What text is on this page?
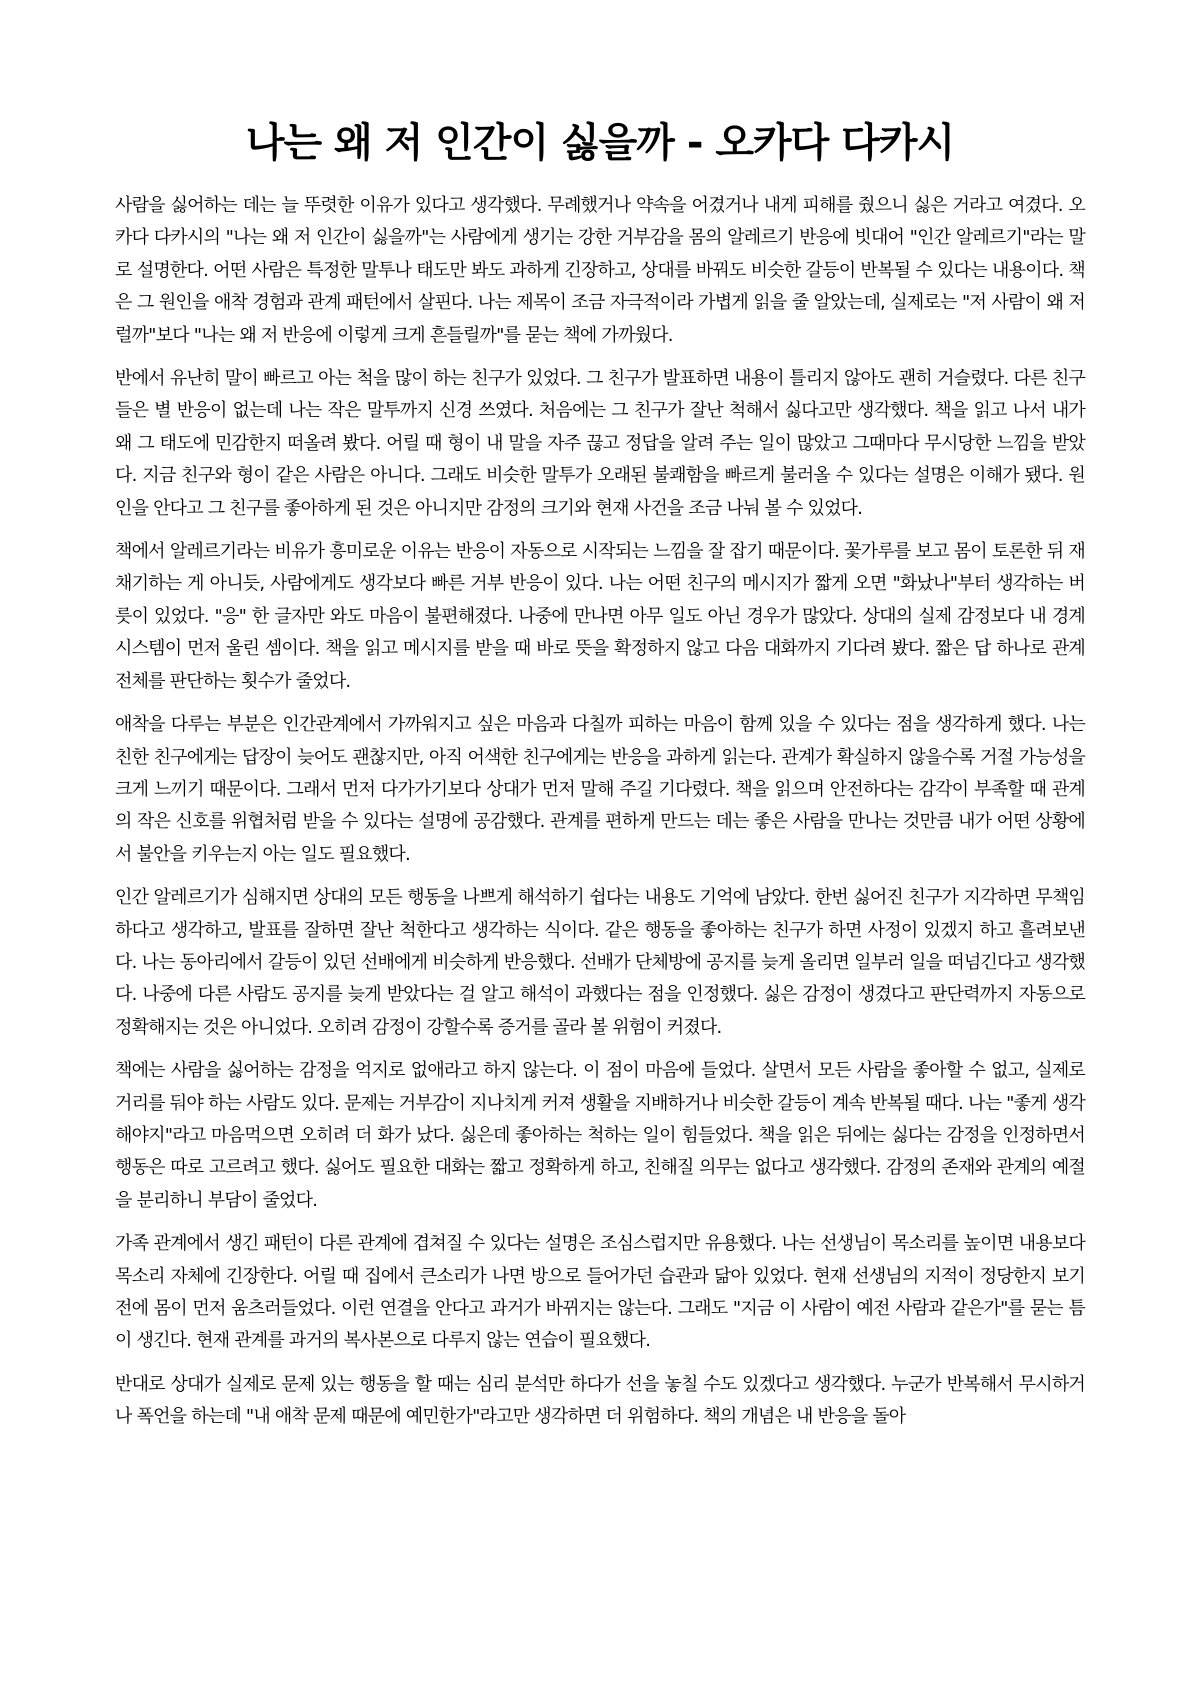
나는 왜 저 인간이 싫을까 - 오카다 다카시

사람을 싫어하는 데는 늘 뚜렷한 이유가 있다고 생각했다. 무례했거나 약속을 어겼거나 내게 피해를 줬으니 싫은 거라고 여겼다. 오카다 다카시의 "나는 왜 저 인간이 싫을까"는 사람에게 생기는 강한 거부감을 몸의 알레르기 반응에 빗대어 "인간 알레르기"라는 말로 설명한다. 어떤 사람은 특정한 말투나 태도만 봐도 과하게 긴장하고, 상대를 바꿔도 비슷한 갈등이 반복될 수 있다는 내용이다. 책은 그 원인을 애착 경험과 관계 패턴에서 살핀다. 나는 제목이 조금 자극적이라 가볍게 읽을 줄 알았는데, 실제로는 "저 사람이 왜 저럴까"보다 "나는 왜 저 반응에 이렇게 크게 흔들릴까"를 묻는 책에 가까웠다.

반에서 유난히 말이 빠르고 아는 척을 많이 하는 친구가 있었다. 그 친구가 발표하면 내용이 틀리지 않아도 괜히 거슬렸다. 다른 친구들은 별 반응이 없는데 나는 작은 말투까지 신경 쓰였다. 처음에는 그 친구가 잘난 척해서 싫다고만 생각했다. 책을 읽고 나서 내가 왜 그 태도에 민감한지 떠올려 봤다. 어릴 때 형이 내 말을 자주 끊고 정답을 알려 주는 일이 많았고 그때마다 무시당한 느낌을 받았다. 지금 친구와 형이 같은 사람은 아니다. 그래도 비슷한 말투가 오래된 불쾌함을 빠르게 불러올 수 있다는 설명은 이해가 됐다. 원인을 안다고 그 친구를 좋아하게 된 것은 아니지만 감정의 크기와 현재 사건을 조금 나눠 볼 수 있었다.

책에서 알레르기라는 비유가 흥미로운 이유는 반응이 자동으로 시작되는 느낌을 잘 잡기 때문이다. 꽃가루를 보고 몸이 토론한 뒤 재채기하는 게 아니듯, 사람에게도 생각보다 빠른 거부 반응이 있다. 나는 어떤 친구의 메시지가 짧게 오면 "화났나"부터 생각하는 버릇이 있었다. "응" 한 글자만 와도 마음이 불편해졌다. 나중에 만나면 아무 일도 아닌 경우가 많았다. 상대의 실제 감정보다 내 경계 시스템이 먼저 울린 셈이다. 책을 읽고 메시지를 받을 때 바로 뜻을 확정하지 않고 다음 대화까지 기다려 봤다. 짧은 답 하나로 관계 전체를 판단하는 횟수가 줄었다.

애착을 다루는 부분은 인간관계에서 가까워지고 싶은 마음과 다칠까 피하는 마음이 함께 있을 수 있다는 점을 생각하게 했다. 나는 친한 친구에게는 답장이 늦어도 괜찮지만, 아직 어색한 친구에게는 반응을 과하게 읽는다. 관계가 확실하지 않을수록 거절 가능성을 크게 느끼기 때문이다. 그래서 먼저 다가가기보다 상대가 먼저 말해 주길 기다렸다. 책을 읽으며 안전하다는 감각이 부족할 때 관계의 작은 신호를 위협처럼 받을 수 있다는 설명에 공감했다. 관계를 편하게 만드는 데는 좋은 사람을 만나는 것만큼 내가 어떤 상황에서 불안을 키우는지 아는 일도 필요했다.

인간 알레르기가 심해지면 상대의 모든 행동을 나쁘게 해석하기 쉽다는 내용도 기억에 남았다. 한번 싫어진 친구가 지각하면 무책임하다고 생각하고, 발표를 잘하면 잘난 척한다고 생각하는 식이다. 같은 행동을 좋아하는 친구가 하면 사정이 있겠지 하고 흘려보낸다. 나는 동아리에서 갈등이 있던 선배에게 비슷하게 반응했다. 선배가 단체방에 공지를 늦게 올리면 일부러 일을 떠넘긴다고 생각했다. 나중에 다른 사람도 공지를 늦게 받았다는 걸 알고 해석이 과했다는 점을 인정했다. 싫은 감정이 생겼다고 판단력까지 자동으로 정확해지는 것은 아니었다. 오히려 감정이 강할수록 증거를 골라 볼 위험이 커졌다.

책에는 사람을 싫어하는 감정을 억지로 없애라고 하지 않는다. 이 점이 마음에 들었다. 살면서 모든 사람을 좋아할 수 없고, 실제로 거리를 둬야 하는 사람도 있다. 문제는 거부감이 지나치게 커져 생활을 지배하거나 비슷한 갈등이 계속 반복될 때다. 나는 "좋게 생각해야지"라고 마음먹으면 오히려 더 화가 났다. 싫은데 좋아하는 척하는 일이 힘들었다. 책을 읽은 뒤에는 싫다는 감정을 인정하면서 행동은 따로 고르려고 했다. 싫어도 필요한 대화는 짧고 정확하게 하고, 친해질 의무는 없다고 생각했다. 감정의 존재와 관계의 예절을 분리하니 부담이 줄었다.

가족 관계에서 생긴 패턴이 다른 관계에 겹쳐질 수 있다는 설명은 조심스럽지만 유용했다. 나는 선생님이 목소리를 높이면 내용보다 목소리 자체에 긴장한다. 어릴 때 집에서 큰소리가 나면 방으로 들어가던 습관과 닮아 있었다. 현재 선생님의 지적이 정당한지 보기 전에 몸이 먼저 움츠러들었다. 이런 연결을 안다고 과거가 바뀌지는 않는다. 그래도 "지금 이 사람이 예전 사람과 같은가"를 묻는 틈이 생긴다. 현재 관계를 과거의 복사본으로 다루지 않는 연습이 필요했다.

반대로 상대가 실제로 문제 있는 행동을 할 때는 심리 분석만 하다가 선을 놓칠 수도 있겠다고 생각했다. 누군가 반복해서 무시하거나 폭언을 하는데 "내 애착 문제 때문에 예민한가"라고만 생각하면 더 위험하다. 책의 개념은 내 반응을 돌아
